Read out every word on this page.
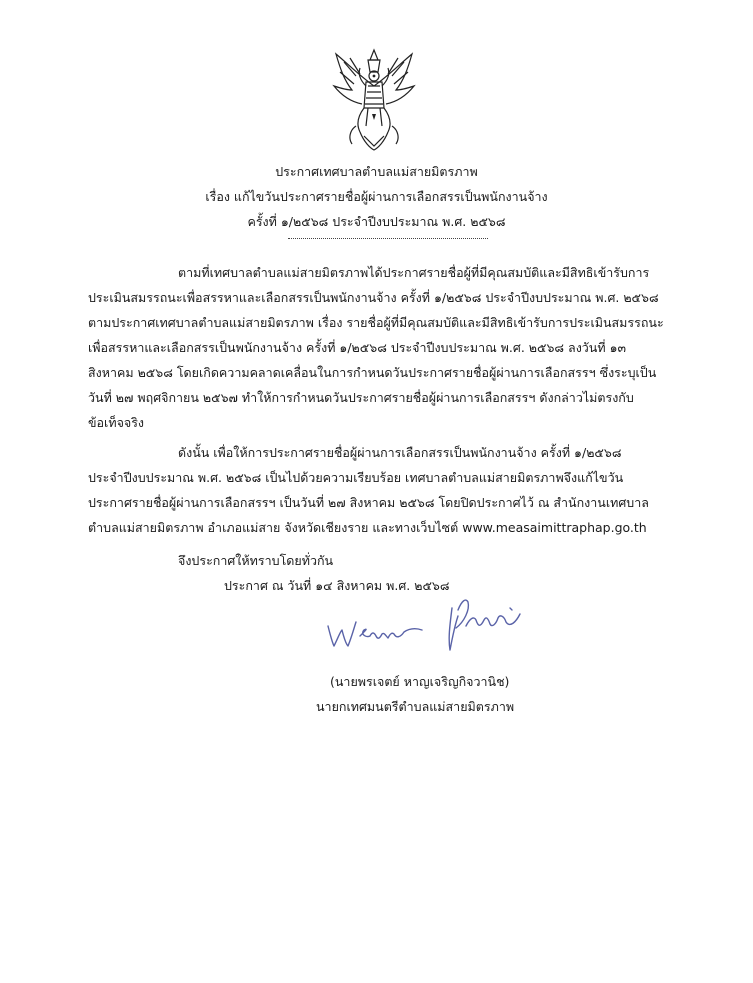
ประกาศเทศบาลตำบลแม่สายมิตรภาพ
เรื่อง แก้ไขวันประกาศรายชื่อผู้ผ่านการเลือกสรรเป็นพนักงานจ้าง
ครั้งที่ ๑/๒๕๖๘ ประจำปีงบประมาณ พ.ศ. ๒๕๖๘
ตามที่เทศบาลตำบลแม่สายมิตรภาพได้ประกาศรายชื่อผู้ที่มีคุณสมบัติและมีสิทธิเข้ารับการ
ประเมินสมรรถนะเพื่อสรรหาและเลือกสรรเป็นพนักงานจ้าง ครั้งที่ ๑/๒๕๖๘ ประจำปีงบประมาณ พ.ศ. ๒๕๖๘
ตามประกาศเทศบาลตำบลแม่สายมิตรภาพ เรื่อง รายชื่อผู้ที่มีคุณสมบัติและมีสิทธิเข้ารับการประเมินสมรรถนะ
เพื่อสรรหาและเลือกสรรเป็นพนักงานจ้าง ครั้งที่ ๑/๒๕๖๘ ประจำปีงบประมาณ พ.ศ. ๒๕๖๘ ลงวันที่ ๑๓
สิงหาคม ๒๕๖๘ โดยเกิดความคลาดเคลื่อนในการกำหนดวันประกาศรายชื่อผู้ผ่านการเลือกสรรฯ ซึ่งระบุเป็น
วันที่ ๒๗ พฤศจิกายน ๒๕๖๗ ทำให้การกำหนดวันประกาศรายชื่อผู้ผ่านการเลือกสรรฯ ดังกล่าวไม่ตรงกับ
ข้อเท็จจริง
ดังนั้น เพื่อให้การประกาศรายชื่อผู้ผ่านการเลือกสรรเป็นพนักงานจ้าง ครั้งที่ ๑/๒๕๖๘
ประจำปีงบประมาณ พ.ศ. ๒๕๖๘ เป็นไปด้วยความเรียบร้อย เทศบาลตำบลแม่สายมิตรภาพจึงแก้ไขวัน
ประกาศรายชื่อผู้ผ่านการเลือกสรรฯ เป็นวันที่ ๒๗ สิงหาคม ๒๕๖๘ โดยปิดประกาศไว้ ณ สำนักงานเทศบาล
ตำบลแม่สายมิตรภาพ อำเภอแม่สาย จังหวัดเชียงราย และทางเว็บไซต์ www.measaimittraphap.go.th
จึงประกาศให้ทราบโดยทั่วกัน
ประกาศ ณ วันที่ ๑๔ สิงหาคม พ.ศ. ๒๕๖๘
(นายพรเจตย์ หาญเจริญกิจวานิช)
นายกเทศมนตรีตำบลแม่สายมิตรภาพ
